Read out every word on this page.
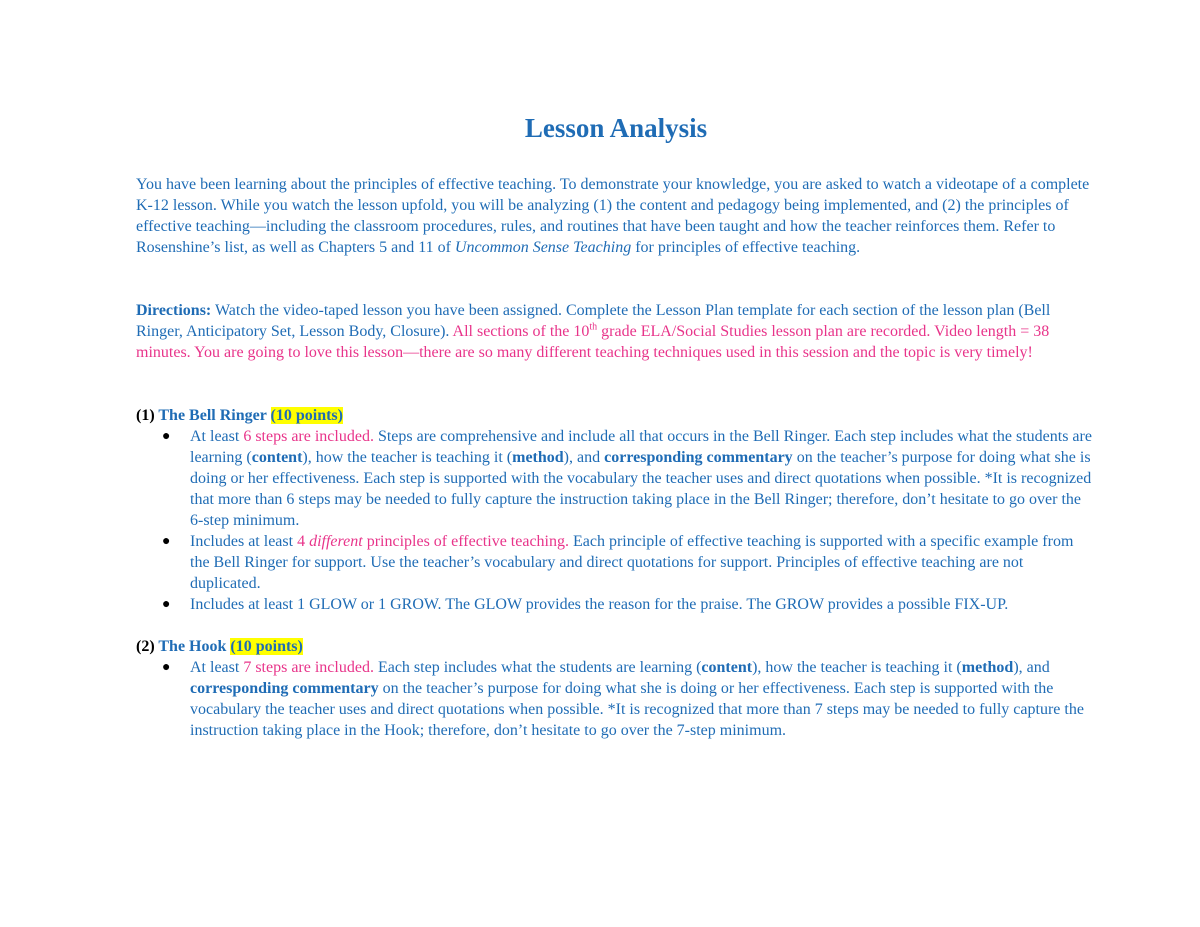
Lesson Analysis

You have been learning about the principles of effective teaching. To demonstrate your knowledge, you are asked to watch a videotape of a complete K-12 lesson. While you watch the lesson upfold, you will be analyzing (1) the content and pedagogy being implemented, and (2) the principles of effective teaching—including the classroom procedures, rules, and routines that have been taught and how the teacher reinforces them. Refer to Rosenshine’s list, as well as Chapters 5 and 11 of Uncommon Sense Teaching for principles of effective teaching.

Directions: Watch the video-taped lesson you have been assigned. Complete the Lesson Plan template for each section of the lesson plan (Bell Ringer, Anticipatory Set, Lesson Body, Closure). All sections of the 10th grade ELA/Social Studies lesson plan are recorded. Video length = 38 minutes. You are going to love this lesson—there are so many different teaching techniques used in this session and the topic is very timely!

(1) The Bell Ringer (10 points)

● At least 6 steps are included. Steps are comprehensive and include all that occurs in the Bell Ringer. Each step includes what the students are learning (content), how the teacher is teaching it (method), and corresponding commentary on the teacher’s purpose for doing what she is doing or her effectiveness. Each step is supported with the vocabulary the teacher uses and direct quotations when possible. *It is recognized that more than 6 steps may be needed to fully capture the instruction taking place in the Bell Ringer; therefore, don’t hesitate to go over the 6-step minimum.
● Includes at least 4 different principles of effective teaching. Each principle of effective teaching is supported with a specific example from the Bell Ringer for support. Use the teacher’s vocabulary and direct quotations for support. Principles of effective teaching are not duplicated.
● Includes at least 1 GLOW or 1 GROW. The GLOW provides the reason for the praise. The GROW provides a possible FIX-UP.

(2) The Hook (10 points)

● At least 7 steps are included. Each step includes what the students are learning (content), how the teacher is teaching it (method), and corresponding commentary on the teacher’s purpose for doing what she is doing or her effectiveness. Each step is supported with the vocabulary the teacher uses and direct quotations when possible. *It is recognized that more than 7 steps may be needed to fully capture the instruction taking place in the Hook; therefore, don’t hesitate to go over the 7-step minimum.
